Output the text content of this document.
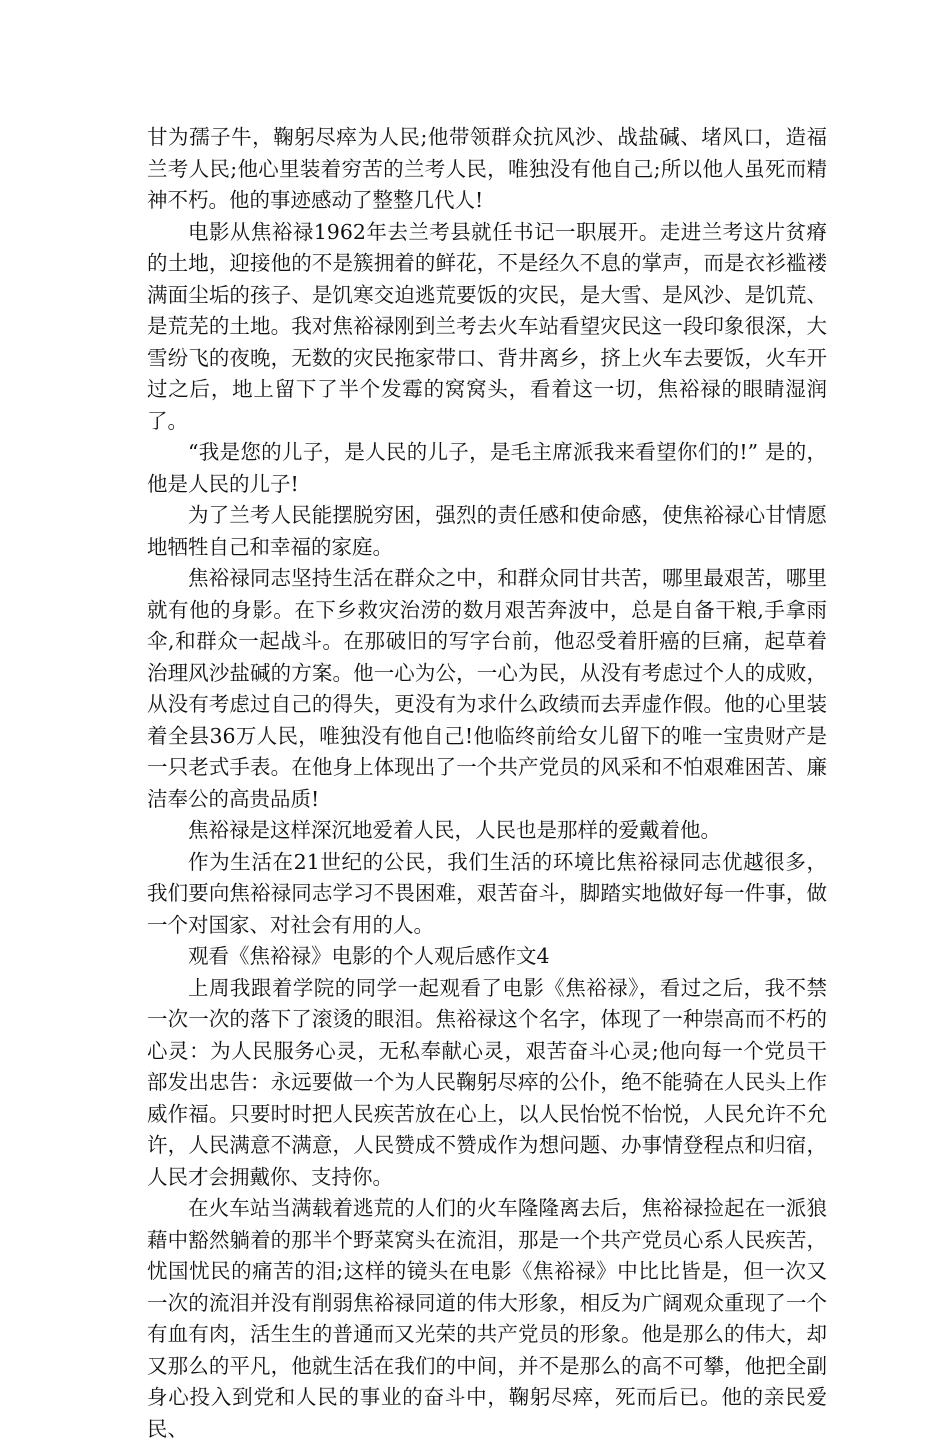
甘为孺子牛，鞠躬尽瘁为人民;他带领群众抗风沙、战盐碱、堵风口，造福兰考人民;他心里装着穷苦的兰考人民，唯独没有他自己;所以他人虽死而精神不朽。他的事迹感动了整整几代人!

电影从焦裕禄1962年去兰考县就任书记一职展开。走进兰考这片贫瘠的土地，迎接他的不是簇拥着的鲜花，不是经久不息的掌声，而是衣衫褴褛满面尘垢的孩子、是饥寒交迫逃荒要饭的灾民，是大雪、是风沙、是饥荒、是荒芜的土地。我对焦裕禄刚到兰考去火车站看望灾民这一段印象很深，大雪纷飞的夜晚，无数的灾民拖家带口、背井离乡，挤上火车去要饭，火车开过之后，地上留下了半个发霉的窝窝头，看着这一切，焦裕禄的眼睛湿润了。

“我是您的儿子，是人民的儿子，是毛主席派我来看望你们的!” 是的，他是人民的儿子!

为了兰考人民能摆脱穷困，强烈的责任感和使命感，使焦裕禄心甘情愿地牺牲自己和幸福的家庭。

焦裕禄同志坚持生活在群众之中，和群众同甘共苦，哪里最艰苦，哪里就有他的身影。在下乡救灾治涝的数月艰苦奔波中，总是自备干粮,手拿雨伞,和群众一起战斗。在那破旧的写字台前，他忍受着肝癌的巨痛，起草着治理风沙盐碱的方案。他一心为公，一心为民，从没有考虑过个人的成败，从没有考虑过自己的得失，更没有为求什么政绩而去弄虚作假。他的心里装着全县36万人民，唯独没有他自己!他临终前给女儿留下的唯一宝贵财产是一只老式手表。在他身上体现出了一个共产党员的风采和不怕艰难困苦、廉洁奉公的高贵品质!

焦裕禄是这样深沉地爱着人民，人民也是那样的爱戴着他。

作为生活在21世纪的公民，我们生活的环境比焦裕禄同志优越很多，我们要向焦裕禄同志学习不畏困难，艰苦奋斗，脚踏实地做好每一件事，做一个对国家、对社会有用的人。

观看《焦裕禄》电影的个人观后感作文4

上周我跟着学院的同学一起观看了电影《焦裕禄》，看过之后，我不禁一次一次的落下了滚烫的眼泪。焦裕禄这个名字，体现了一种崇高而不朽的心灵：为人民服务心灵，无私奉献心灵，艰苦奋斗心灵;他向每一个党员干部发出忠告：永远要做一个为人民鞠躬尽瘁的公仆，绝不能骑在人民头上作威作福。只要时时把人民疾苦放在心上，以人民怡悦不怡悦，人民允许不允许，人民满意不满意，人民赞成不赞成作为想问题、办事情登程点和归宿，人民才会拥戴你、支持你。

在火车站当满载着逃荒的人们的火车隆隆离去后，焦裕禄捡起在一派狼藉中豁然躺着的那半个野菜窝头在流泪，那是一个共产党员心系人民疾苦，忧国忧民的痛苦的泪;这样的镜头在电影《焦裕禄》中比比皆是，但一次又一次的流泪并没有削弱焦裕禄同道的伟大形象，相反为广阔观众重现了一个有血有肉，活生生的普通而又光荣的共产党员的形象。他是那么的伟大，却又那么的平凡，他就生活在我们的中间，并不是那么的高不可攀，他把全副身心投入到党和人民的事业的奋斗中，鞠躬尽瘁，死而后已。他的亲民爱民、
